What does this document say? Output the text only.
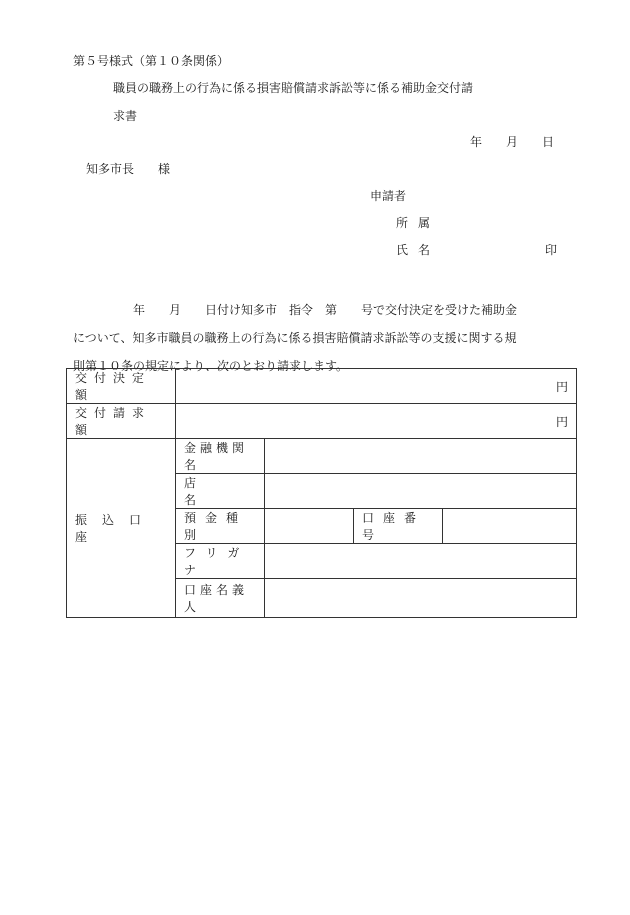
第５号様式（第１０条関係）
職員の職務上の行為に係る損害賠償請求訴訟等に係る補助金交付請
求書
年 月 日
知多市長　　様
申請者
所属
氏名	印
　　　　　年　　月　　日付け知多市　指令　第　　号で交付決定を受けた補助金
について、知多市職員の職務上の行為に係る損害賠償請求訴訟等の支援に関する規
則第１０条の規定により、次のとおり請求します。
交付決定額	円			
交付請求額	円			
振込口座	金融機関名			
	店　　　名			
	預金種別		口座番号	
	フリガナ			
	口座名義人			
